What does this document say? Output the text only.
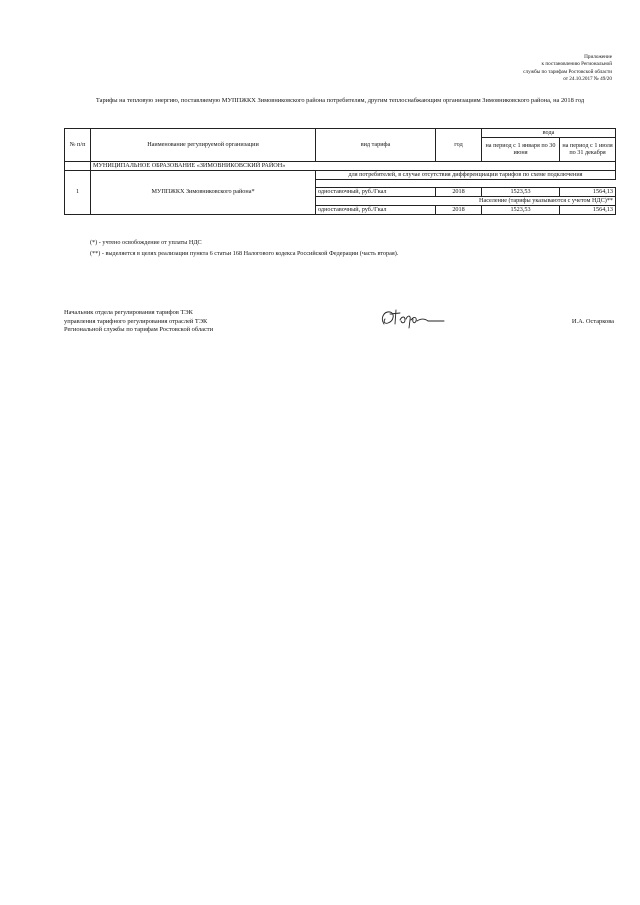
Приложение
к постановлению Региональной
службы по тарифам Ростовской области
от 24.10.2017 № 49/20
Тарифы на тепловую энергию, поставляемую МУППЖКХ Зимовниковского района потребителям, другим теплоснабжающим организациям Зимовниковского района, на 2018 год
№ п/п	Наименование регулируемой организации	вид тарифа	год	вода	
				на период с 1 января по 30 июня	на период с 1 июля по 31 декабря

	МУНИЦИПАЛЬНОЕ ОБРАЗОВАНИЕ «ЗИМОВНИКОВСКИЙ РАЙОН»				
1	МУППЖКХ Зимовниковского района*	для потребителей, в случае отсутствия дифференциации тарифов по схеме подключения			

		одноставочный, руб./Гкал	2018	1523,53	1564,13
		Население (тарифы указываются с учетом НДС)**			
		одноставочный, руб./Гкал	2018	1523,53	1564,13
(*) - учтено освобождение от уплаты НДС
(**) - выделяется в целях реализации пункта 6 статьи 168 Налогового кодекса Российской Федерации (часть вторая).
Начальник отдела регулирования тарифов ТЭК
управления тарифного регулирования отраслей ТЭК
Региональной службы по тарифам Ростовской области
И.А. Остаркова
